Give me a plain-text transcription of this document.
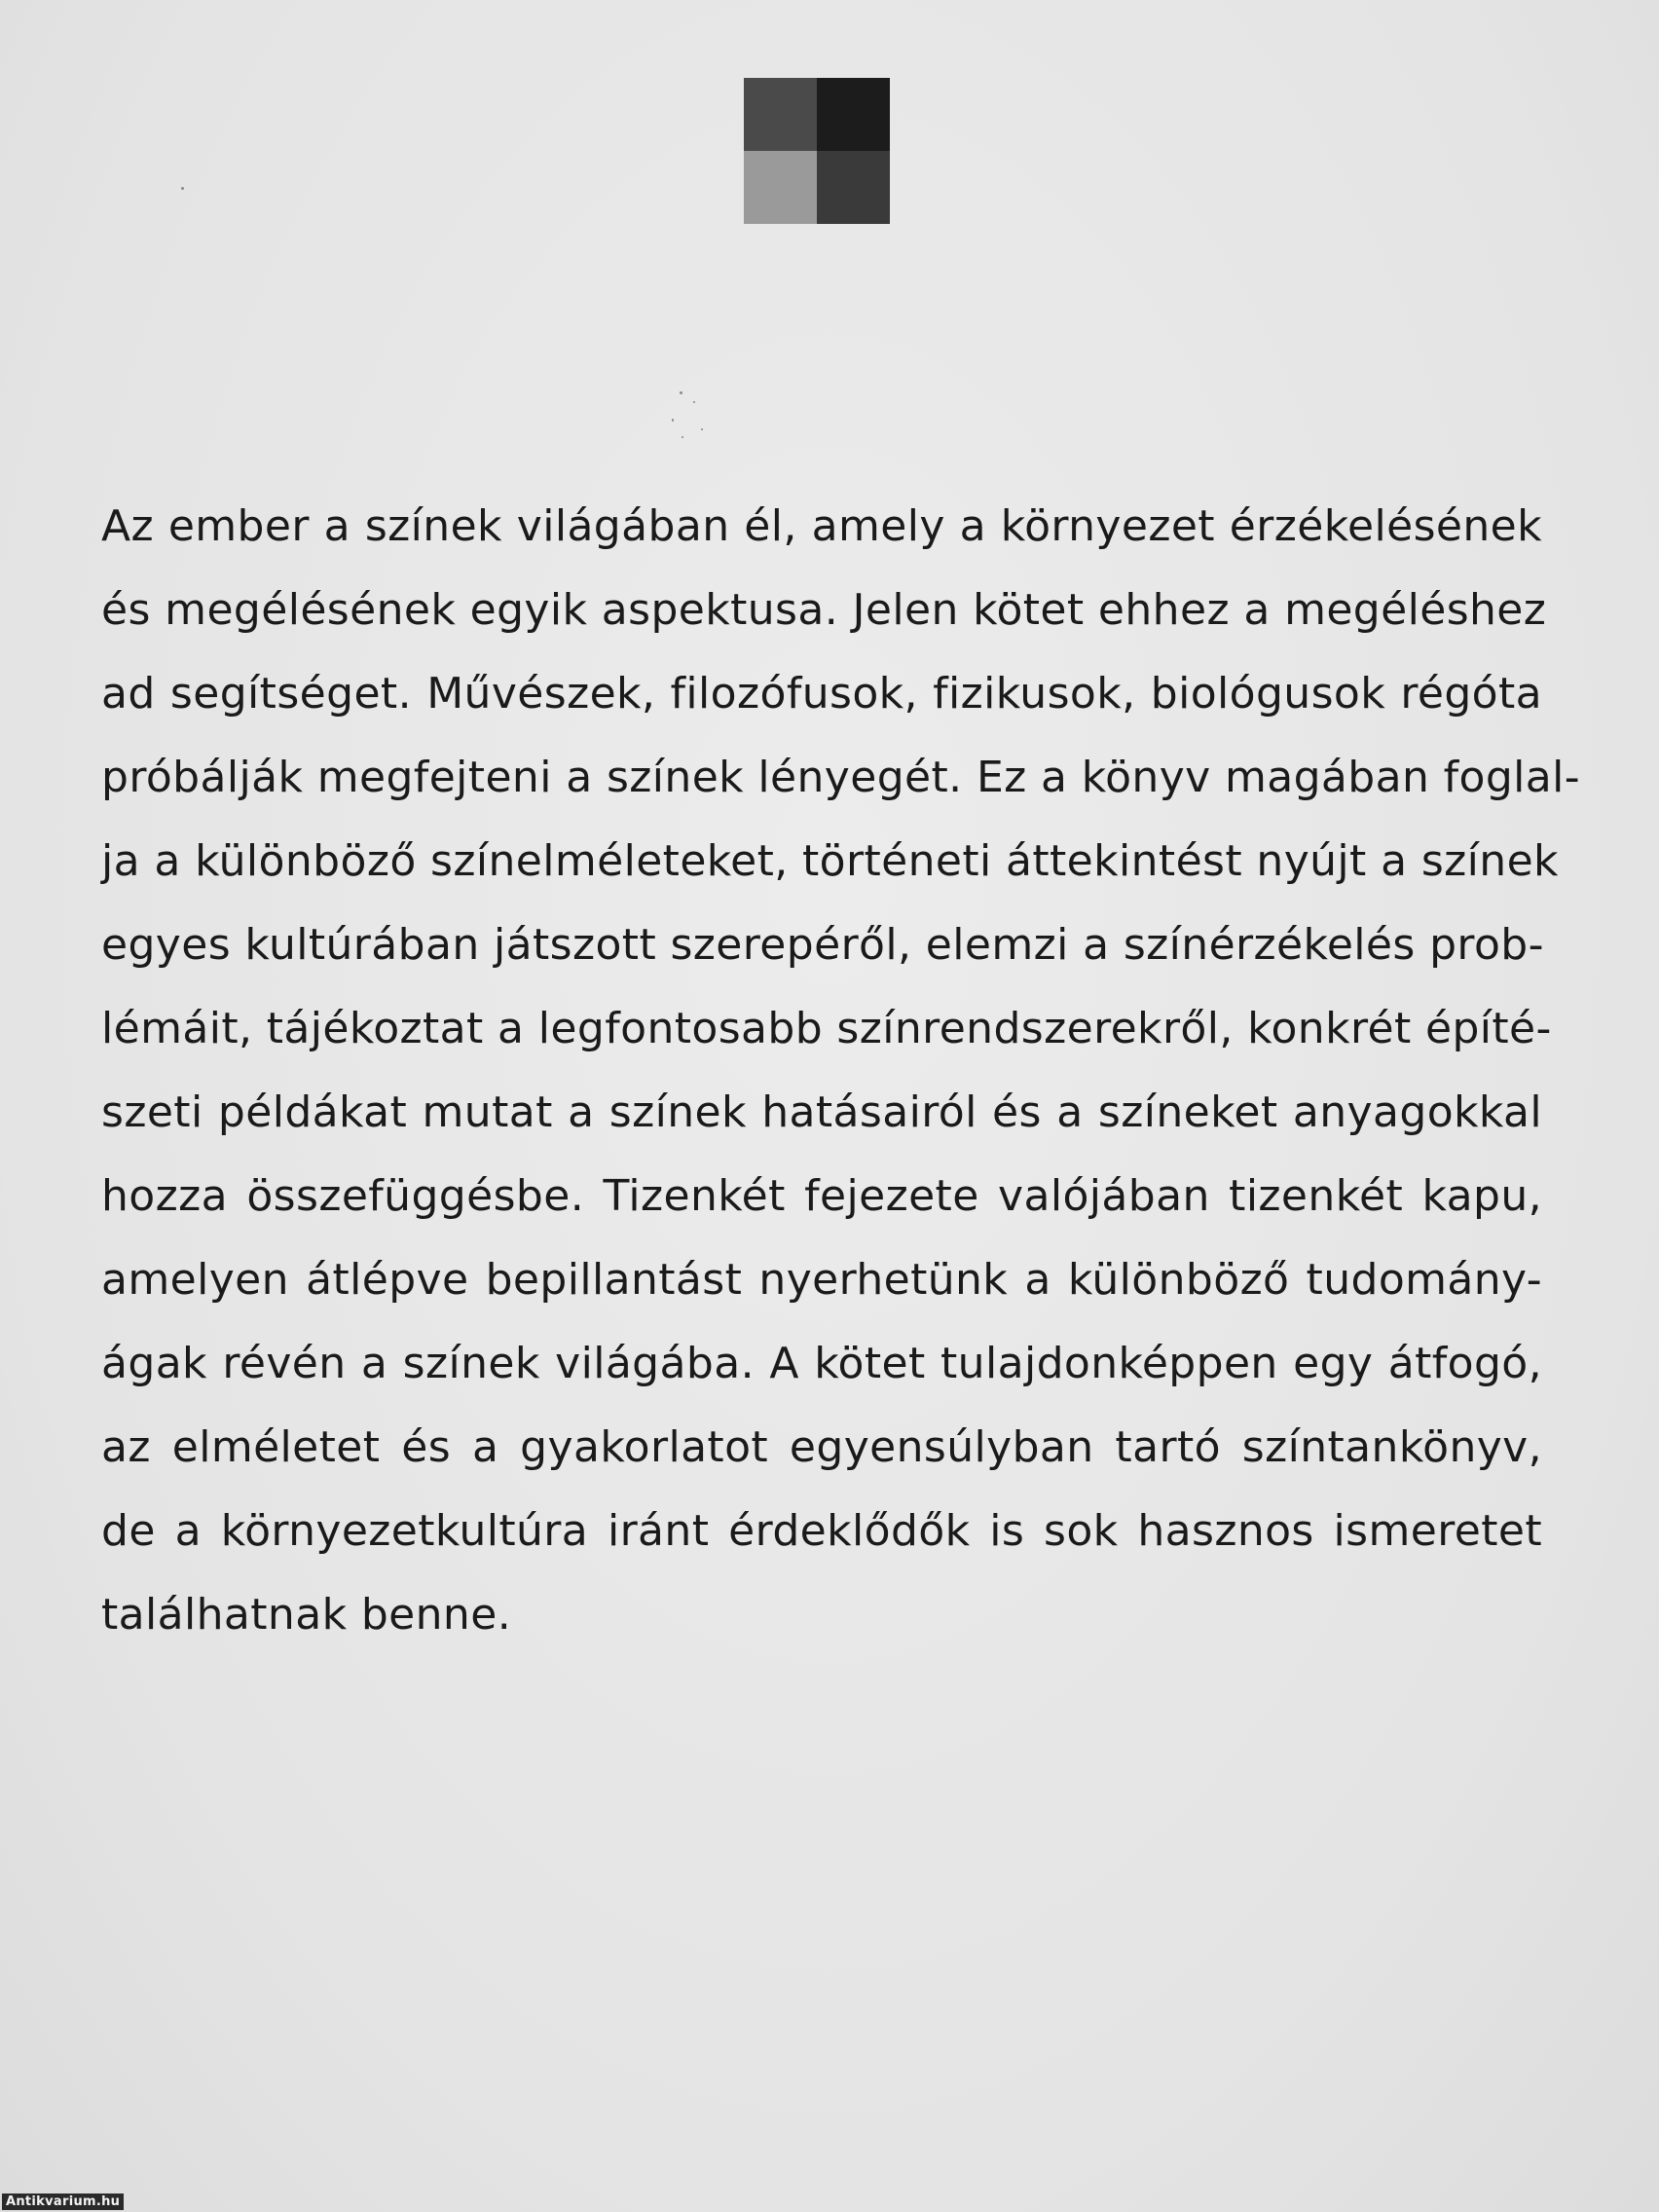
Az ember a színek világában él, amely a környezet érzékelésének
és megélésének egyik aspektusa. Jelen kötet ehhez a megéléshez
ad segítséget. Művészek, filozófusok, fizikusok, biológusok régóta
próbálják megfejteni a színek lényegét. Ez a könyv magában foglal-
ja a különböző színelméleteket, történeti áttekintést nyújt a színek
egyes kultúrában játszott szerepéről, elemzi a színérzékelés prob-
lémáit, tájékoztat a legfontosabb színrendszerekről, konkrét építé-
szeti példákat mutat a színek hatásairól és a színeket anyagokkal
hozza összefüggésbe. Tizenkét fejezete valójában tizenkét kapu,
amelyen átlépve bepillantást nyerhetünk a különböző tudomány-
ágak révén a színek világába. A kötet tulajdonképpen egy átfogó,
az elméletet és a gyakorlatot egyensúlyban tartó színtankönyv,
de a környezetkultúra iránt érdeklődők is sok hasznos ismeretet
találhatnak benne.
Antikvarium.hu
